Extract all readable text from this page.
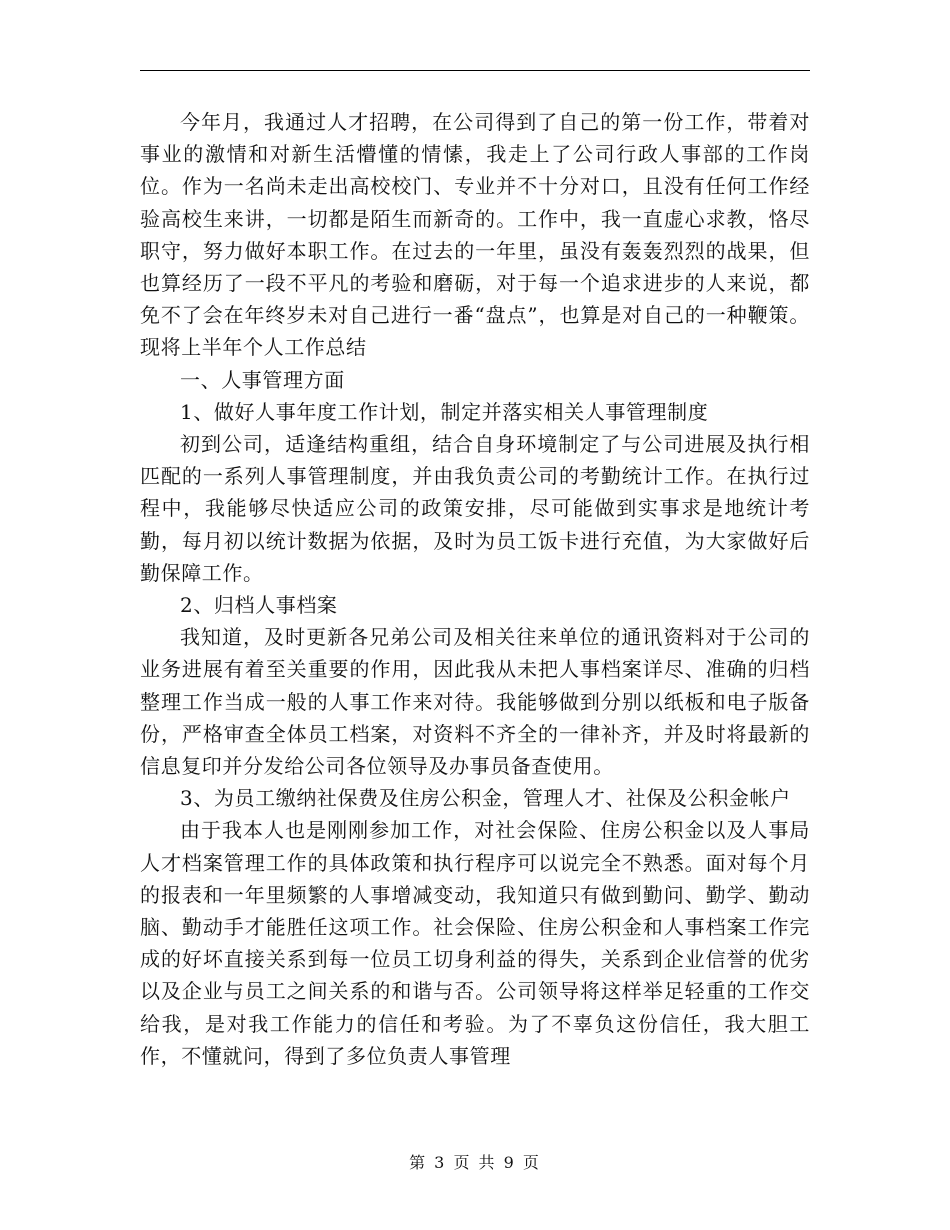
今年月，我通过人才招聘，在公司得到了自己的第一份工作，带着对事业的激情和对新生活懵懂的情愫，我走上了公司行政人事部的工作岗位。作为一名尚未走出高校校门、专业并不十分对口，且没有任何工作经验高校生来讲，一切都是陌生而新奇的。工作中，我一直虚心求教，恪尽职守，努力做好本职工作。在过去的一年里，虽没有轰轰烈烈的战果，但也算经历了一段不平凡的考验和磨砺，对于每一个追求进步的人来说，都免不了会在年终岁未对自己进行一番“盘点”，也算是对自己的一种鞭策。现将上半年个人工作总结

一、人事管理方面

1、做好人事年度工作计划，制定并落实相关人事管理制度

初到公司，适逢结构重组，结合自身环境制定了与公司进展及执行相匹配的一系列人事管理制度，并由我负责公司的考勤统计工作。在执行过程中，我能够尽快适应公司的政策安排，尽可能做到实事求是地统计考勤，每月初以统计数据为依据，及时为员工饭卡进行充值，为大家做好后勤保障工作。

2、归档人事档案

我知道，及时更新各兄弟公司及相关往来单位的通讯资料对于公司的业务进展有着至关重要的作用，因此我从未把人事档案详尽、准确的归档整理工作当成一般的人事工作来对待。我能够做到分别以纸板和电子版备份，严格审查全体员工档案，对资料不齐全的一律补齐，并及时将最新的信息复印并分发给公司各位领导及办事员备查使用。

3、为员工缴纳社保费及住房公积金，管理人才、社保及公积金帐户

由于我本人也是刚刚参加工作，对社会保险、住房公积金以及人事局人才档案管理工作的具体政策和执行程序可以说完全不熟悉。面对每个月的报表和一年里频繁的人事增减变动，我知道只有做到勤问、勤学、勤动脑、勤动手才能胜任这项工作。社会保险、住房公积金和人事档案工作完成的好坏直接关系到每一位员工切身利益的得失，关系到企业信誉的优劣以及企业与员工之间关系的和谐与否。公司领导将这样举足轻重的工作交给我，是对我工作能力的信任和考验。为了不辜负这份信任，我大胆工作，不懂就问，得到了多位负责人事管理

第 3 页 共 9 页
